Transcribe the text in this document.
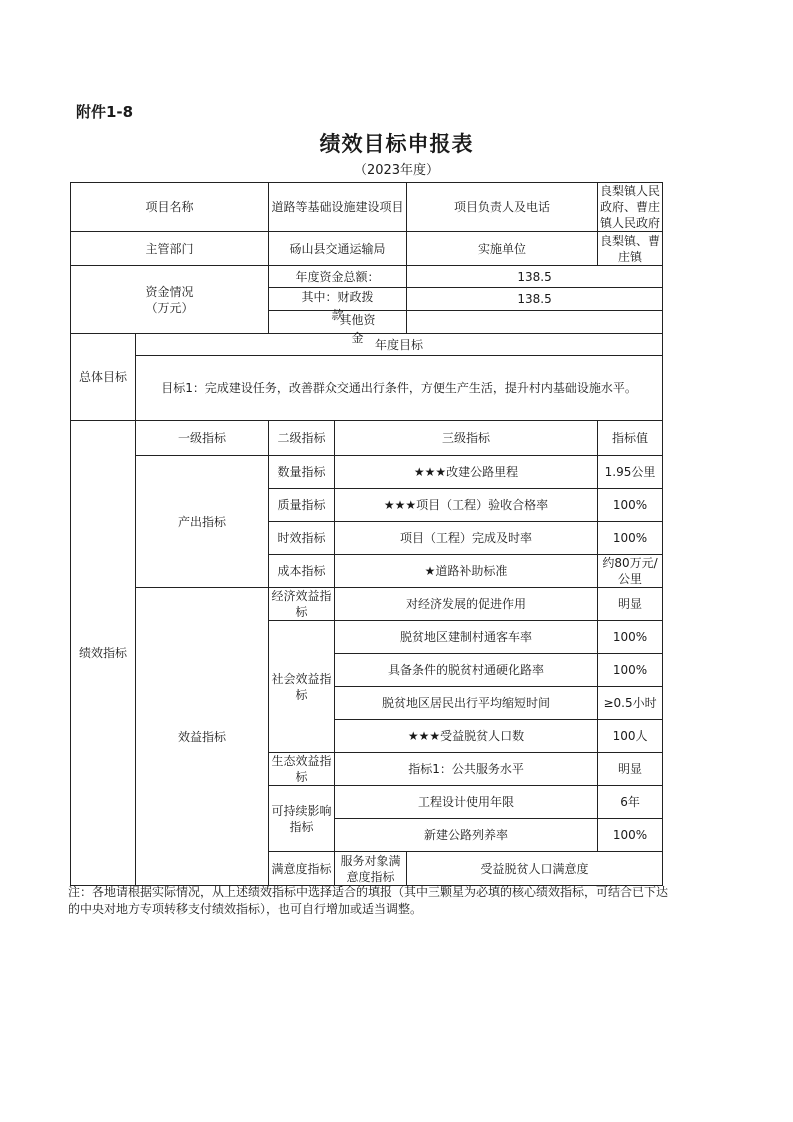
附件1-8
绩效目标申报表
（2023年度）
项目名称		道路等基础设施建设项目		项目负责人及电话	良梨镇人民政府、曹庄镇人民政府	
主管部门		砀山县交通运输局		实施单位	良梨镇、曹庄镇	

资金情况
（万元）		年度资金总额：		138.5		

		其中：财政拨
款		138.5		

		其他资
金				

总体目标	年度目标					
	目标1：完成建设任务，改善群众交通出行条件，方便生产生活，提升村内基础设施水平。					
绩效指标	一级指标	二级指标	三级指标		指标值	
	产出指标	数量指标	★★★改建公路里程		1.95公里	
		质量指标	★★★项目（工程）验收合格率		100%	
		时效指标	项目（工程）完成及时率		100%	
		成本指标	★道路补助标准		约80万元/公里	
	效益指标	经济效益指标	对经济发展的促进作用		明显	
		社会效益指标	脱贫地区建制村通客车率		100%	
			具备条件的脱贫村通硬化路率		100%	
			脱贫地区居民出行平均缩短时间		≥0.5小时	
			★★★受益脱贫人口数		100人	
		生态效益指标	指标1：公共服务水平		明显	
		可持续影响指标	工程设计使用年限		6年	
			新建公路列养率		100%	
		满意度指标	服务对象满意度指标	受益脱贫人口满意度	
注：各地请根据实际情况，从上述绩效指标中选择适合的填报（其中三颗星为必填的核心绩效指标，可结合已下达的中央对地方专项转移支付绩效指标），也可自行增加或适当调整。
